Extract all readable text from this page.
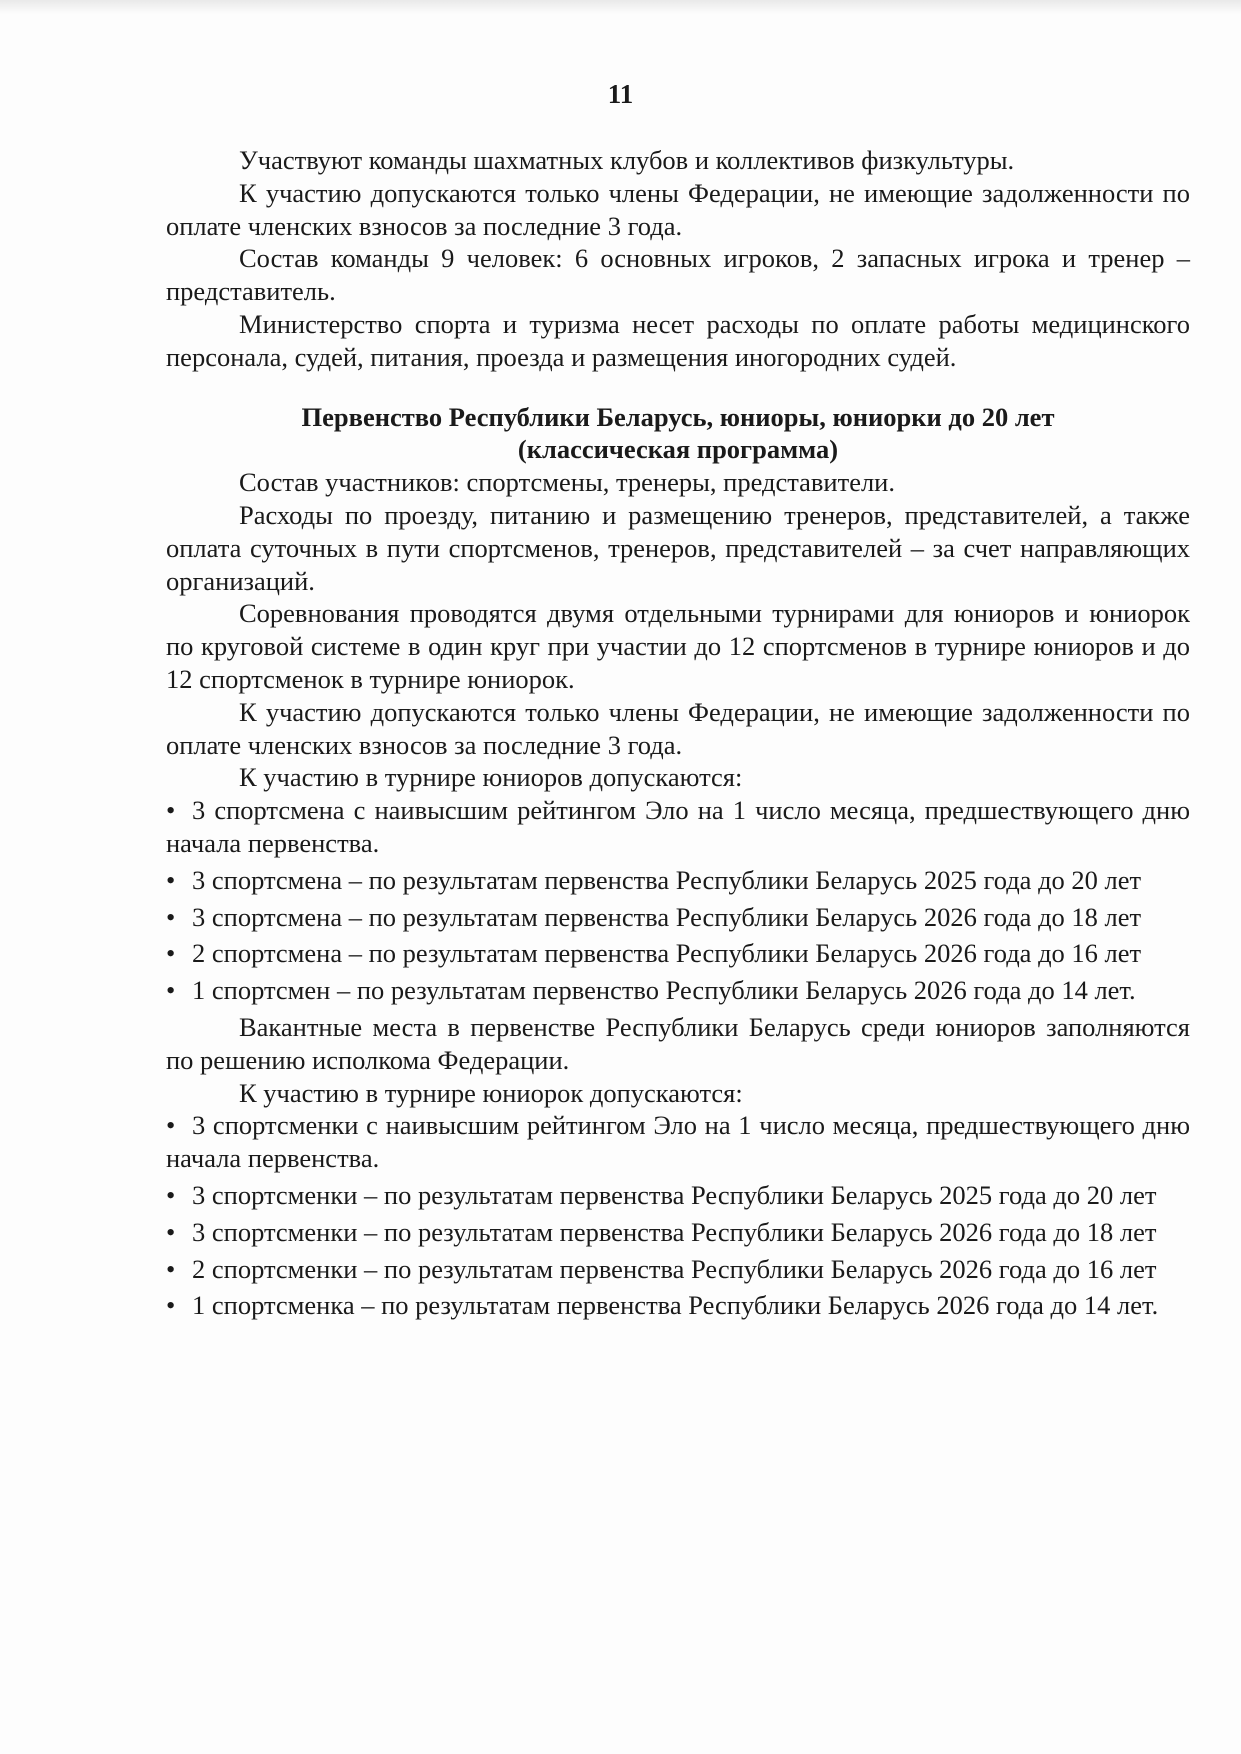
11

Участвуют команды шахматных клубов и коллективов физкультуры.

К участию допускаются только члены Федерации, не имеющие задолженности по оплате членских взносов за последние 3 года.

Состав команды 9 человек: 6 основных игроков, 2 запасных игрока и тренер – представитель.

Министерство спорта и туризма несет расходы по оплате работы медицинского персонала, судей, питания, проезда и размещения иногородних судей.

Первенство Республики Беларусь, юниоры, юниорки до 20 лет
(классическая программа)

Состав участников: спортсмены, тренеры, представители.

Расходы по проезду, питанию и размещению тренеров, представителей, а также оплата суточных в пути спортсменов, тренеров, представителей – за счет направляющих организаций.

Соревнования проводятся двумя отдельными турнирами для юниоров и юниорок по круговой системе в один круг при участии до 12 спортсменов в турнире юниоров и до 12 спортсменок в турнире юниорок.

К участию допускаются только члены Федерации, не имеющие задолженности по оплате членских взносов за последние 3 года.

К участию в турнире юниоров допускаются:

• 3 спортсмена с наивысшим рейтингом Эло на 1 число месяца, предшествующего дню начала первенства.
• 3 спортсмена – по результатам первенства Республики Беларусь 2025 года до 20 лет
• 3 спортсмена – по результатам первенства Республики Беларусь 2026 года до 18 лет
• 2 спортсмена – по результатам первенства Республики Беларусь 2026 года до 16 лет
• 1 спортсмен – по результатам первенство Республики Беларусь 2026 года до 14 лет.

Вакантные места в первенстве Республики Беларусь среди юниоров заполняются по решению исполкома Федерации.

К участию в турнире юниорок допускаются:

• 3 спортсменки с наивысшим рейтингом Эло на 1 число месяца, предшествующего дню начала первенства.
• 3 спортсменки – по результатам первенства Республики Беларусь 2025 года до 20 лет
• 3 спортсменки – по результатам первенства Республики Беларусь 2026 года до 18 лет
• 2 спортсменки – по результатам первенства Республики Беларусь 2026 года до 16 лет
• 1 спортсменка – по результатам первенства Республики Беларусь 2026 года до 14 лет.
